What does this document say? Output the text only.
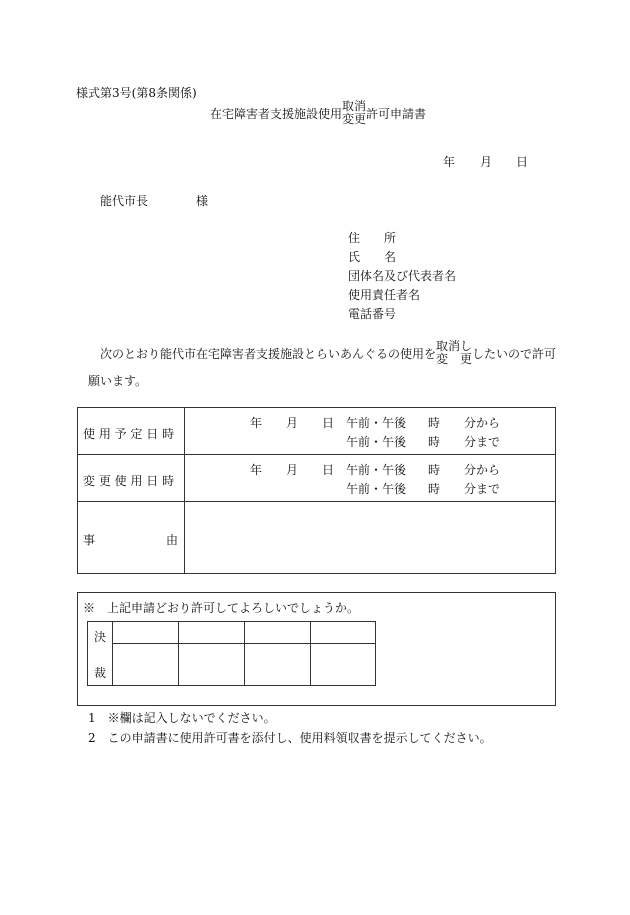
様式第3号(第8条関係)
在宅障害者支援施設使用
取消
変更 許可申請書
年 月 日
能代市長	様
住　　所
氏　　名
団体名及び代表者名
使用責任者名
電話番号
次のとおり能代市在宅障害者支援施設とらいあんぐるの使用を
取消し
変　更 したいので許可
願います。
使 用 予 定 日 時
年 月 日 午前・午後 時 分から
午前・午後 時 分まで
変 更 使 用 日 時
年 月 日 午前・午後 時 分から
午前・午後 時 分まで
事	由
※　上記申請どおり許可してよろしいでしょうか。
決
裁
1　※欄は記入しないでください。
2　この申請書に使用許可書を添付し、使用料領収書を提示してください。
